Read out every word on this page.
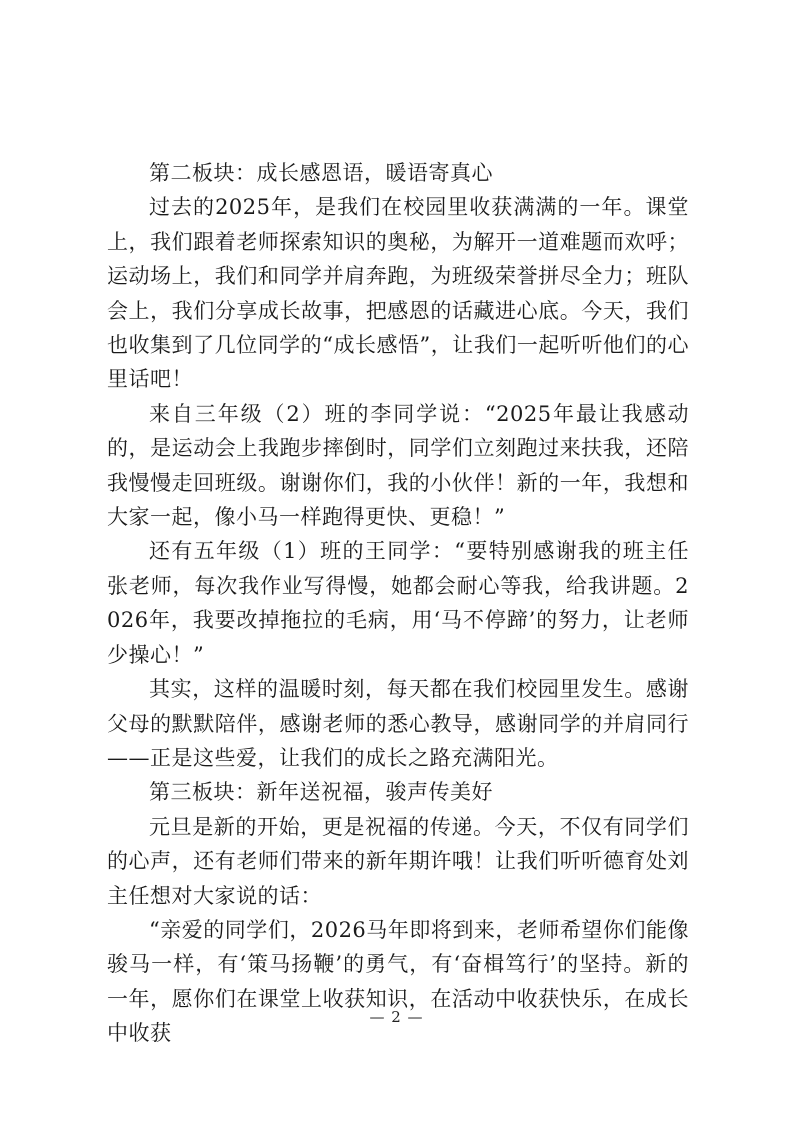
第二板块：成长感恩语，暖语寄真心

过去的2025年，是我们在校园里收获满满的一年。课堂上，我们跟着老师探索知识的奥秘，为解开一道难题而欢呼；运动场上，我们和同学并肩奔跑，为班级荣誉拼尽全力；班队会上，我们分享成长故事，把感恩的话藏进心底。今天，我们也收集到了几位同学的“成长感悟”，让我们一起听听他们的心里话吧！

来自三年级（2）班的李同学说：“2025年最让我感动的，是运动会上我跑步摔倒时，同学们立刻跑过来扶我，还陪我慢慢走回班级。谢谢你们，我的小伙伴！新的一年，我想和大家一起，像小马一样跑得更快、更稳！”

还有五年级（1）班的王同学：“要特别感谢我的班主任张老师，每次我作业写得慢，她都会耐心等我，给我讲题。2026年，我要改掉拖拉的毛病，用‘马不停蹄’的努力，让老师少操心！”

其实，这样的温暖时刻，每天都在我们校园里发生。感谢父母的默默陪伴，感谢老师的悉心教导，感谢同学的并肩同行——正是这些爱，让我们的成长之路充满阳光。

第三板块：新年送祝福，骏声传美好

元旦是新的开始，更是祝福的传递。今天，不仅有同学们的心声，还有老师们带来的新年期许哦！让我们听听德育处刘主任想对大家说的话：

“亲爱的同学们，2026马年即将到来，老师希望你们能像骏马一样，有‘策马扬鞭’的勇气，有‘奋楫笃行’的坚持。新的一年，愿你们在课堂上收获知识，在活动中收获快乐，在成长中收获

— 2 —
